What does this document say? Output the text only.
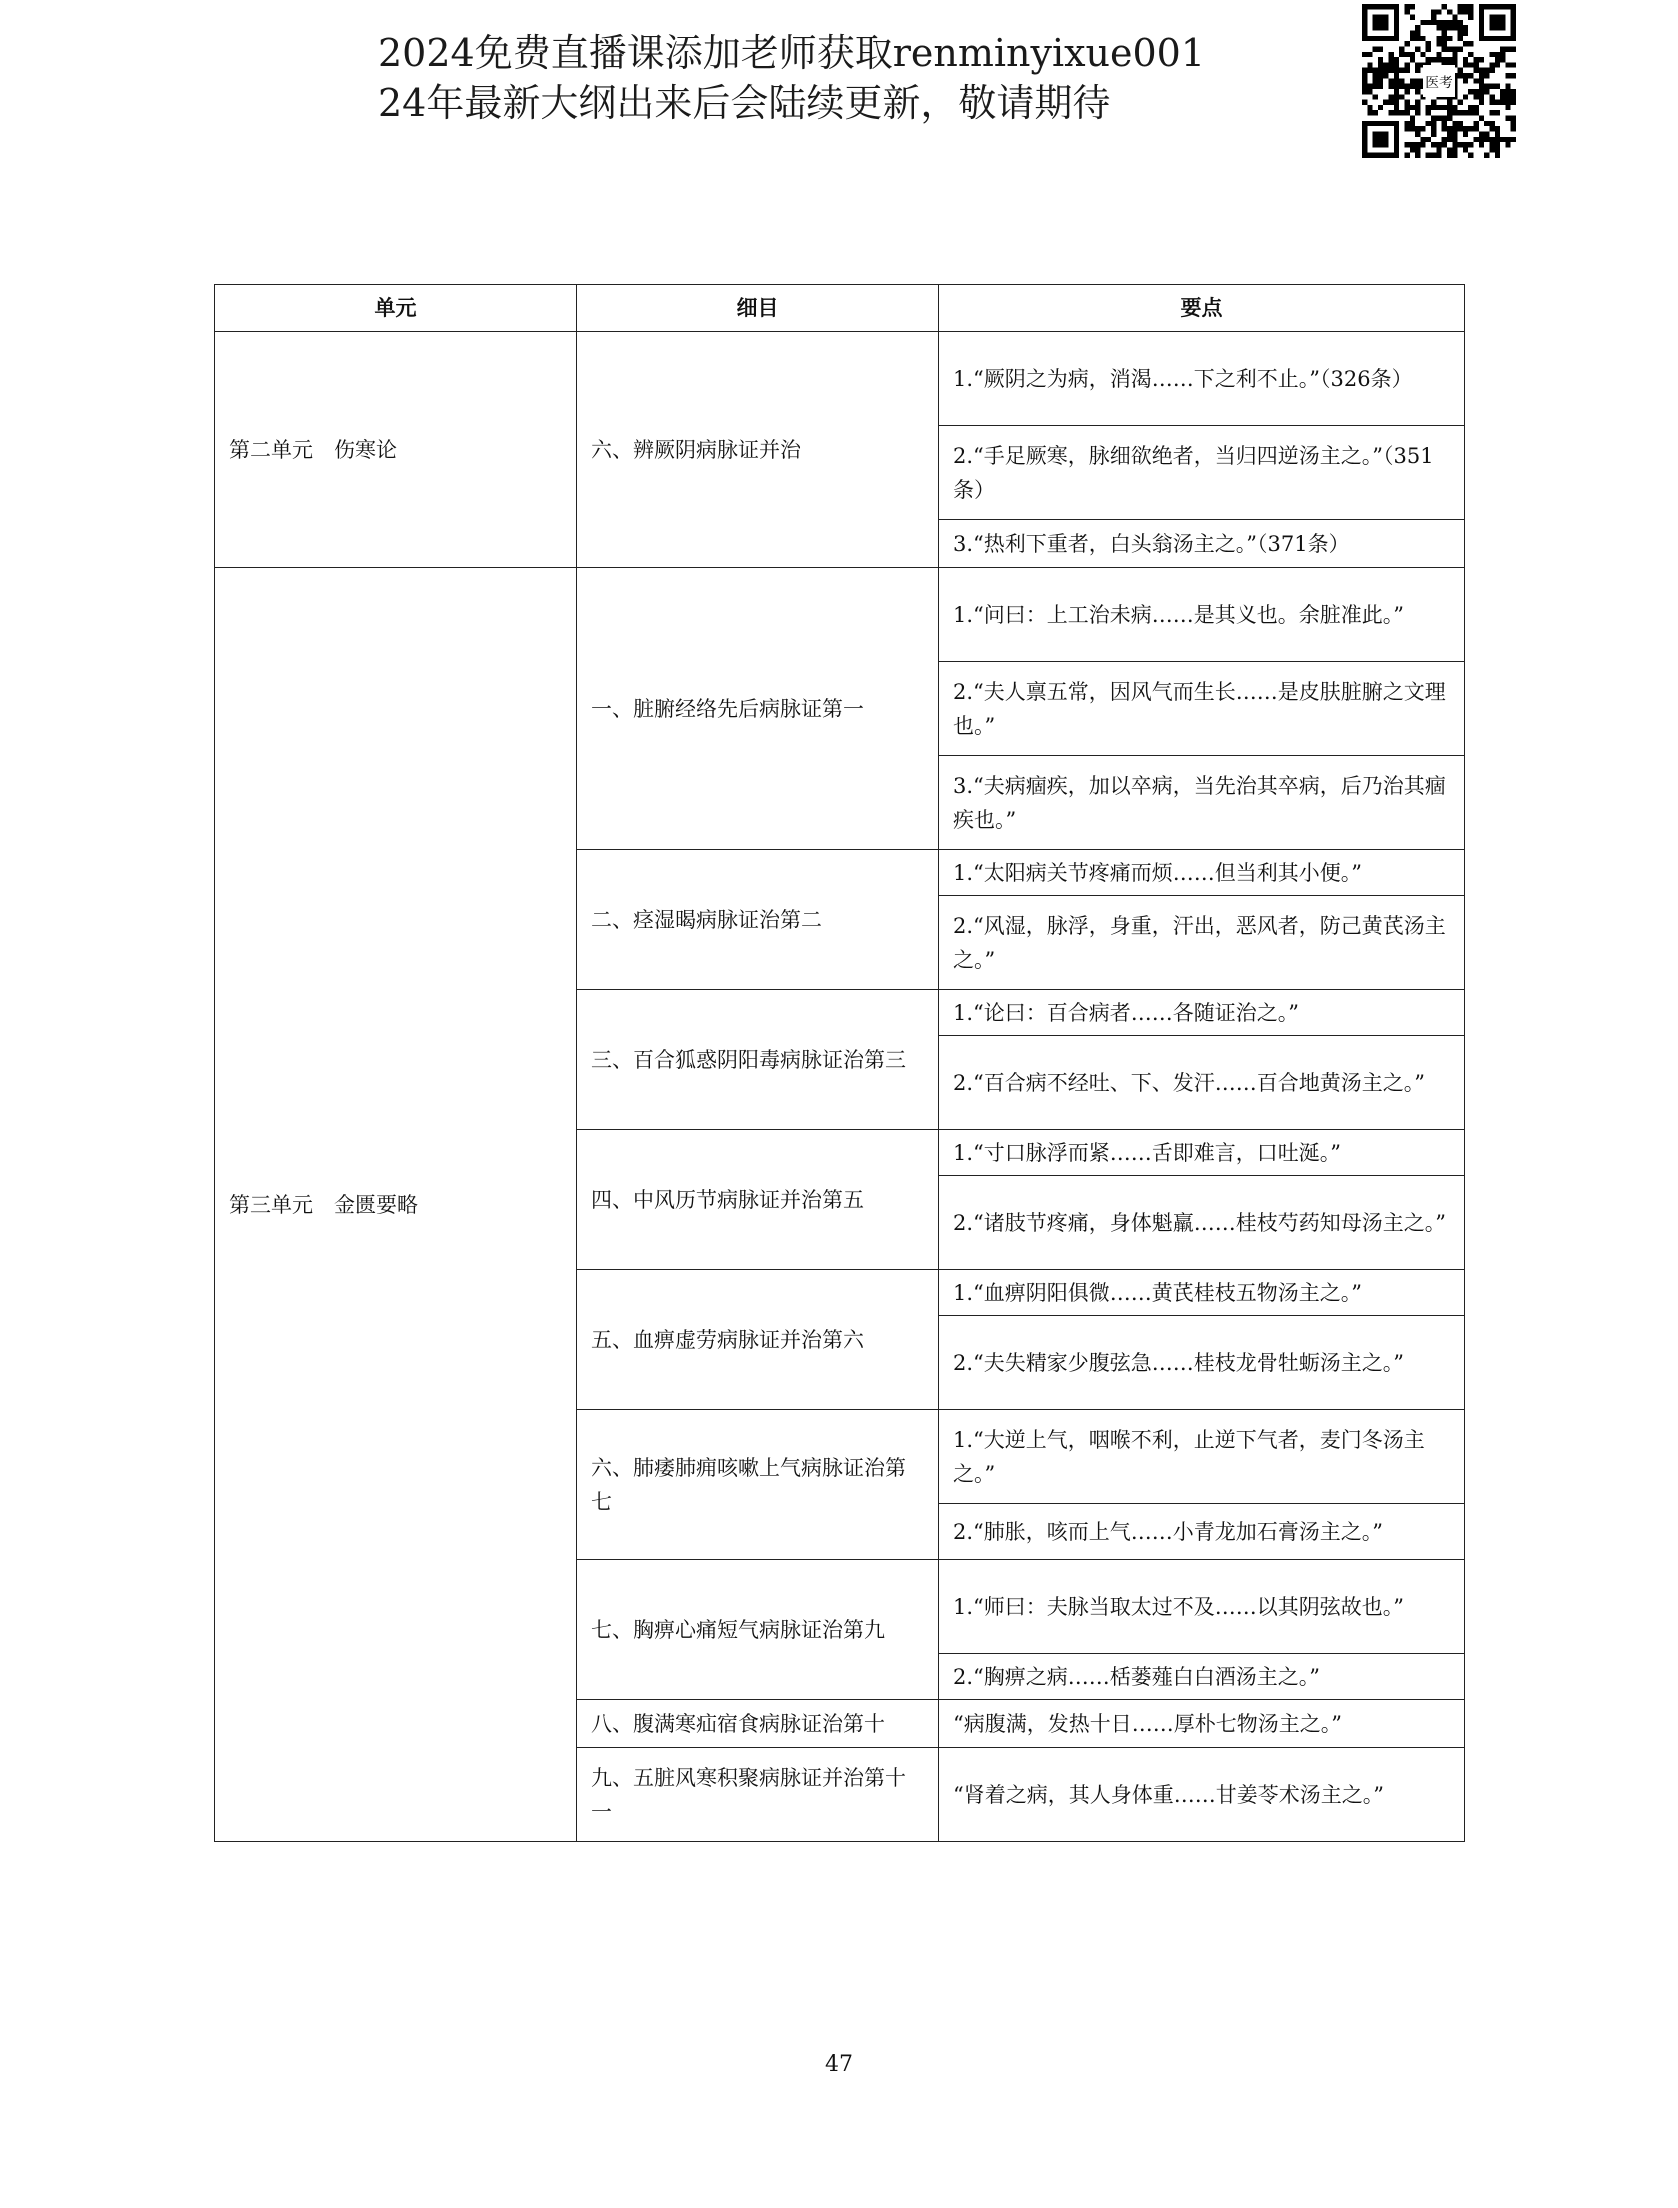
2024免费直播课添加老师获取renminyixue001
24年最新大纲出来后会陆续更新，敬请期待	医考
单元	细目	要点
第二单元　伤寒论	六、辨厥阴病脉证并治	1.“厥阴之为病，消渴……下之利不止。”（326条）
		2.“手足厥寒，脉细欲绝者，当归四逆汤主之。”（351条）
		3.“热利下重者，白头翁汤主之。”（371条）
第三单元　金匮要略	一、脏腑经络先后病脉证第一	1.“问曰：上工治未病……是其义也。余脏准此。”
		2.“夫人禀五常，因风气而生长……是皮肤脏腑之文理也。”
		3.“夫病痼疾，加以卒病，当先治其卒病，后乃治其痼疾也。”
	二、痉湿暍病脉证治第二	1.“太阳病关节疼痛而烦……但当利其小便。”
		2.“风湿，脉浮，身重，汗出，恶风者，防己黄芪汤主之。”
	三、百合狐惑阴阳毒病脉证治第三	1.“论曰：百合病者……各随证治之。”
		2.“百合病不经吐、下、发汗……百合地黄汤主之。”
	四、中风历节病脉证并治第五	1.“寸口脉浮而紧……舌即难言，口吐涎。”
		2.“诸肢节疼痛，身体魁羸……桂枝芍药知母汤主之。”
	五、血痹虚劳病脉证并治第六	1.“血痹阴阳俱微……黄芪桂枝五物汤主之。”
		2.“夫失精家少腹弦急……桂枝龙骨牡蛎汤主之。”
	六、肺痿肺痈咳嗽上气病脉证治第七	1.“大逆上气，咽喉不利，止逆下气者，麦门冬汤主之。”
		2.“肺胀，咳而上气……小青龙加石膏汤主之。”
	七、胸痹心痛短气病脉证治第九	1.“师曰：夫脉当取太过不及……以其阴弦故也。”
		2.“胸痹之病……栝蒌薤白白酒汤主之。”
	八、腹满寒疝宿食病脉证治第十	“病腹满，发热十日……厚朴七物汤主之。”
	九、五脏风寒积聚病脉证并治第十一	“肾着之病，其人身体重……甘姜苓术汤主之。”
47
